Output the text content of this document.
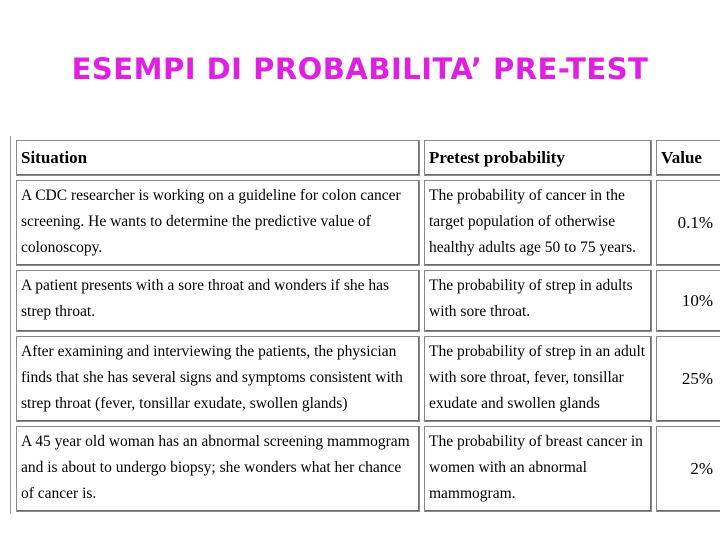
ESEMPI DI PROBABILITA’ PRE-TEST
Situation	Pretest probability	Value
A CDC researcher is working on a guideline for colon cancer screening. He wants to determine the predictive value of colonoscopy.	The probability of cancer in the target population of otherwise healthy adults age 50 to 75 years.	0.1%
A patient presents with a sore throat and wonders if she has strep throat.	The probability of strep in adults with sore throat.	10%
After examining and interviewing the patients, the physician finds that she has several signs and symptoms consistent with strep throat (fever, tonsillar exudate, swollen glands)	The probability of strep in an adult with sore throat, fever, tonsillar exudate and swollen glands	25%
A 45 year old woman has an abnormal screening mammogram and is about to undergo biopsy; she wonders what her chance of cancer is.	The probability of breast cancer in women with an abnormal mammogram.	2%
